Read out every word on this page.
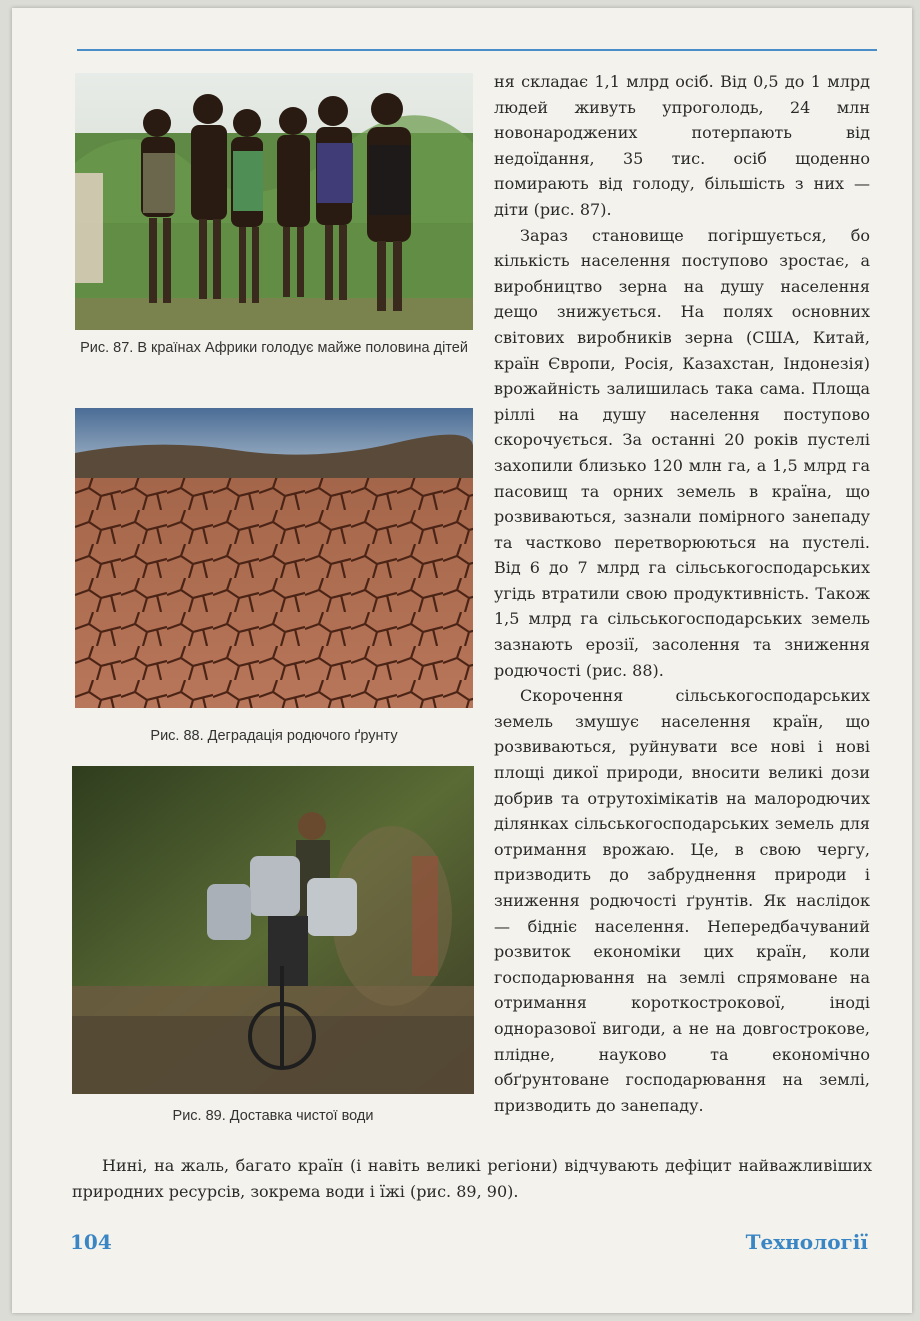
Рис. 87. В країнах Африки голодує майже половина дітей
Рис. 88. Деградація родючого ґрунту
Рис. 89. Доставка чистої води

ня складає 1,1 млрд осіб. Від 0,5 до 1 млрд людей живуть упроголодь, 24 млн новонароджених потерпають від недоїдання, 35 тис. осіб щоденно помирають від голоду, більшість з них — діти (рис. 87).

Зараз становище погіршується, бо кількість населення поступово зростає, а виробництво зерна на душу населення дещо знижується. На полях основних світових виробників зерна (США, Китай, країн Європи, Росія, Казахстан, Індонезія) врожайність залишилась така сама. Площа ріллі на душу населення поступово скорочується. За останні 20 років пустелі захопили близько 120 млн га, а 1,5 млрд га пасовищ та орних земель в країна, що розвиваються, зазнали помірного занепаду та частково перетворюються на пустелі. Від 6 до 7 млрд га сільськогосподарських угідь втратили свою продуктивність. Також 1,5 млрд га сільськогосподарських земель зазнають ерозії, засолення та зниження родючості (рис. 88).

Скорочення сільськогосподарських земель змушує населення країн, що розвиваються, руйнувати все нові і нові площі дикої природи, вносити великі дози добрив та отрутохімікатів на малородючих ділянках сільськогосподарських земель для отримання врожаю. Це, в свою чергу, призводить до забруднення природи і зниження родючості ґрунтів. Як наслідок — бідніє населення. Непередбачуваний розвиток економіки цих країн, коли господарювання на землі спрямоване на отримання короткострокової, іноді одноразової вигоди, а не на довгострокове, плідне, науково та економічно обґрунтоване господарювання на землі, призводить до занепаду.

Нині, на жаль, багато країн (і навіть великі регіони) відчувають дефіцит найважливіших природних ресурсів, зокрема води і їжі (рис. 89, 90).

104	Технології
